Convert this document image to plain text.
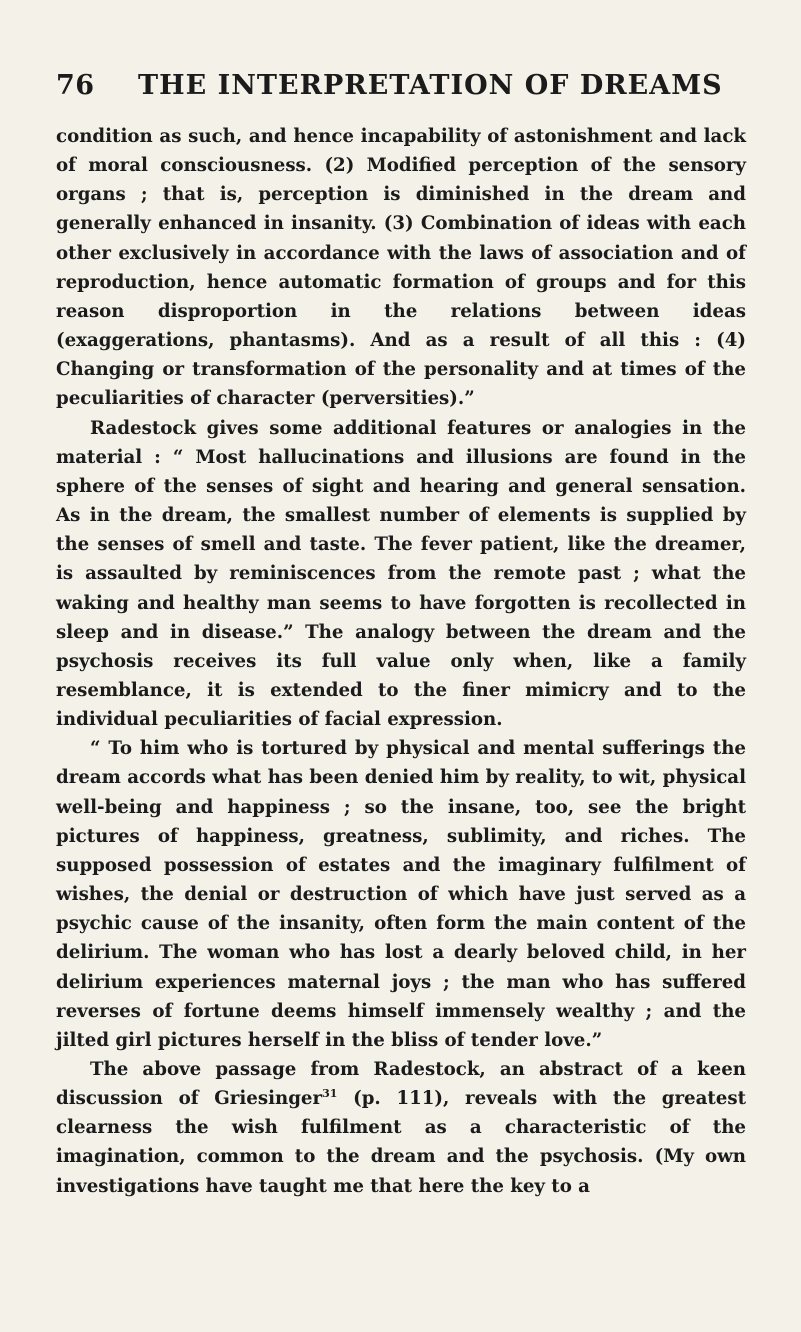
76 THE INTERPRETATION OF DREAMS

condition as such, and hence incapability of astonishment and lack of moral consciousness. (2) Modified perception of the sensory organs ; that is, perception is diminished in the dream and generally enhanced in insanity. (3) Combination of ideas with each other exclusively in accordance with the laws of association and of reproduction, hence automatic formation of groups and for this reason disproportion in the relations between ideas (exaggerations, phantasms). And as a result of all this : (4) Changing or transformation of the personality and at times of the peculiarities of character (perversities).”

Radestock gives some additional features or analogies in the material : “ Most hallucinations and illusions are found in the sphere of the senses of sight and hearing and general sensation. As in the dream, the smallest number of elements is supplied by the senses of smell and taste. The fever patient, like the dreamer, is assaulted by reminiscences from the remote past ; what the waking and healthy man seems to have forgotten is recollected in sleep and in disease.” The analogy between the dream and the psychosis receives its full value only when, like a family resemblance, it is extended to the finer mimicry and to the individual peculiarities of facial expression.

“ To him who is tortured by physical and mental sufferings the dream accords what has been denied him by reality, to wit, physical well-being and happiness ; so the insane, too, see the bright pictures of happiness, greatness, sublimity, and riches. The supposed possession of estates and the imaginary fulfilment of wishes, the denial or destruction of which have just served as a psychic cause of the insanity, often form the main content of the delirium. The woman who has lost a dearly beloved child, in her delirium experiences maternal joys ; the man who has suffered reverses of fortune deems himself immensely wealthy ; and the jilted girl pictures herself in the bliss of tender love.”

The above passage from Radestock, an abstract of a keen discussion of Griesinger$^{31}$ (p. 111), reveals with the greatest clearness the wish fulfilment as a characteristic of the imagination, common to the dream and the psychosis. (My own investigations have taught me that here the key to a
